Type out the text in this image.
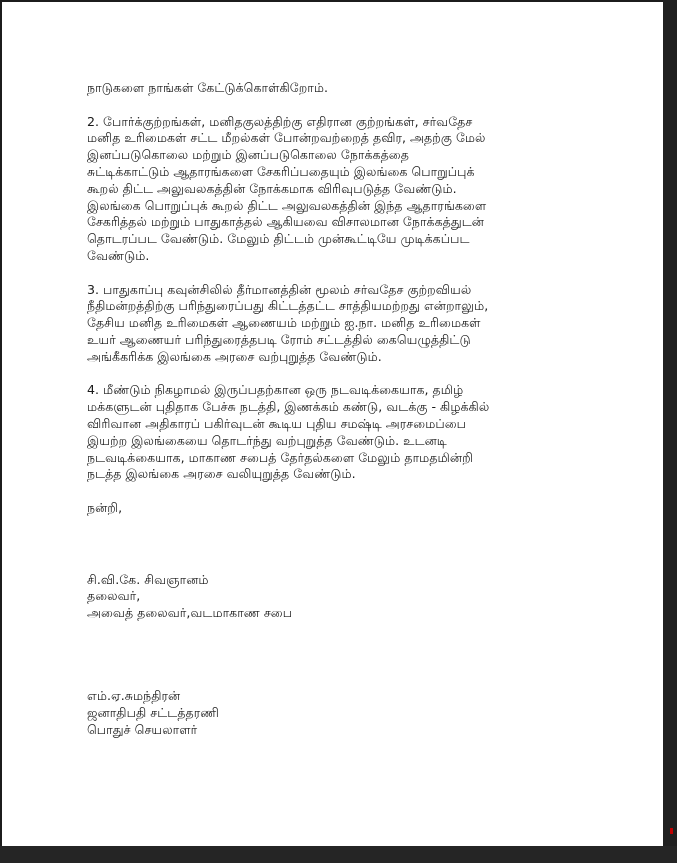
நாடுகளை நாங்கள் கேட்டுக்கொள்கிறோம்.

2. போர்க்குற்றங்கள், மனிதகுலத்திற்கு எதிரான குற்றங்கள், சர்வதேச
மனித உரிமைகள் சட்ட மீறல்கள் போன்றவற்றைத் தவிர, அதற்கு மேல்
இனப்படுகொலை மற்றும் இனப்படுகொலை நோக்கத்தை
சுட்டிக்காட்டும் ஆதாரங்களை சேகரிப்பதையும் இலங்கை பொறுப்புக்
கூறல் திட்ட அலுவலகத்தின் நோக்கமாக விரிவுபடுத்த வேண்டும்.
இலங்கை பொறுப்புக் கூறல் திட்ட அலுவலகத்தின் இந்த ஆதாரங்களை
சேகரித்தல் மற்றும் பாதுகாத்தல் ஆகியவை விசாலமான நோக்கத்துடன்
தொடரப்பட வேண்டும். மேலும் திட்டம் முன்கூட்டியே முடிக்கப்பட
வேண்டும்.

3. பாதுகாப்பு கவுன்சிலில் தீர்மானத்தின் மூலம் சர்வதேச குற்றவியல்
நீதிமன்றத்திற்கு பரிந்துரைப்பது கிட்டத்தட்ட சாத்தியமற்றது என்றாலும்,
தேசிய மனித உரிமைகள் ஆணையம் மற்றும் ஐ.நா. மனித உரிமைகள்
உயர் ஆணையர் பரிந்துரைத்தபடி ரோம் சட்டத்தில் கையெழுத்திட்டு
அங்கீகரிக்க இலங்கை அரசை வற்புறுத்த வேண்டும்.

4. மீண்டும் நிகழாமல் இருப்பதற்கான ஒரு நடவடிக்கையாக, தமிழ்
மக்களுடன் புதிதாக பேச்சு நடத்தி, இணக்கம் கண்டு, வடக்கு - கிழக்கில்
விரிவான அதிகாரப் பகிர்வுடன் கூடிய புதிய சமஷ்டி அரசமைப்பை
இயற்ற இலங்கையை தொடர்ந்து வற்புறுத்த வேண்டும். உடனடி
நடவடிக்கையாக, மாகாண சபைத் தேர்தல்களை மேலும் தாமதமின்றி
நடத்த இலங்கை அரசை வலியுறுத்த வேண்டும்.

நன்றி,

சி.வி.கே. சிவஞானம்
தலைவர்,
அவைத் தலைவர்,வடமாகாண சபை
எம்.ஏ.சுமந்திரன்
ஜனாதிபதி சட்டத்தரணி
பொதுச் செயலாளர்
